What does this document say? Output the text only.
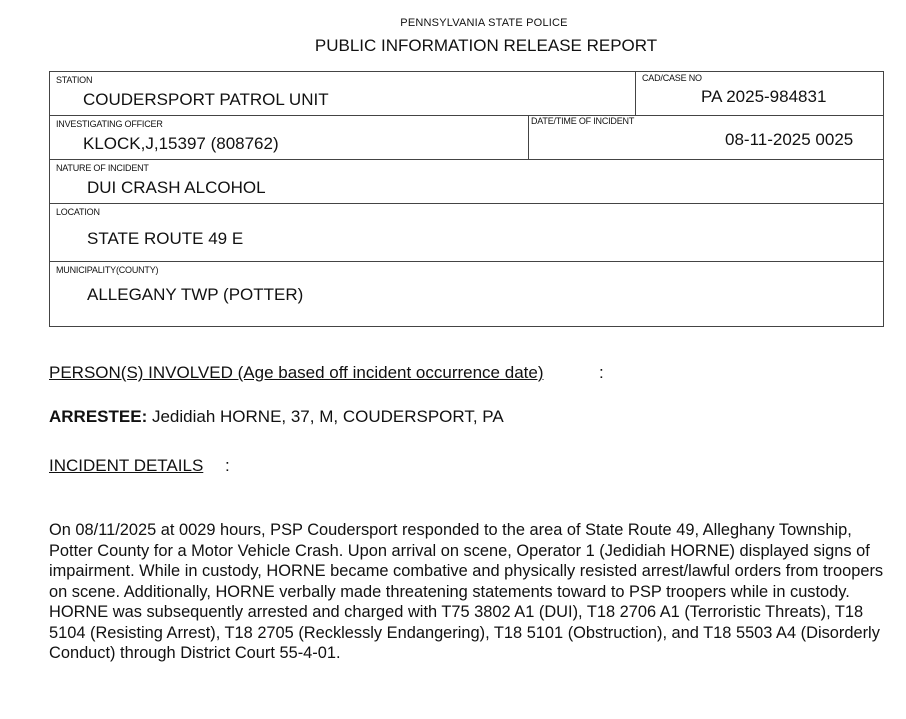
PENNSYLVANIA STATE POLICE
PUBLIC INFORMATION RELEASE REPORT
STATION
COUDERSPORT PATROL UNIT
CAD/CASE NO
PA 2025-984831
INVESTIGATING OFFICER
KLOCK,J,15397 (808762)
DATE/TIME OF INCIDENT
08-11-2025 0025
NATURE OF INCIDENT
DUI CRASH ALCOHOL
LOCATION
STATE ROUTE 49 E
MUNICIPALITY(COUNTY)
ALLEGANY TWP (POTTER)
PERSON(S) INVOLVED (Age based off incident occurrence date)	:
ARRESTEE: Jedidiah HORNE, 37, M, COUDERSPORT, PA
INCIDENT DETAILS :
On 08/11/2025 at 0029 hours, PSP Coudersport responded to the area of State Route 49, Alleghany Township, Potter County for a Motor Vehicle Crash. Upon arrival on scene, Operator 1 (Jedidiah HORNE) displayed signs of impairment. While in custody, HORNE became combative and physically resisted arrest/lawful orders from troopers on scene. Additionally, HORNE verbally made threatening statements toward to PSP troopers while in custody. HORNE was subsequently arrested and charged with T75 3802 A1 (DUI), T18 2706 A1 (Terroristic Threats), T18 5104 (Resisting Arrest), T18 2705 (Recklessly Endangering), T18 5101 (Obstruction), and T18 5503 A4 (Disorderly Conduct) through District Court 55-4-01.
